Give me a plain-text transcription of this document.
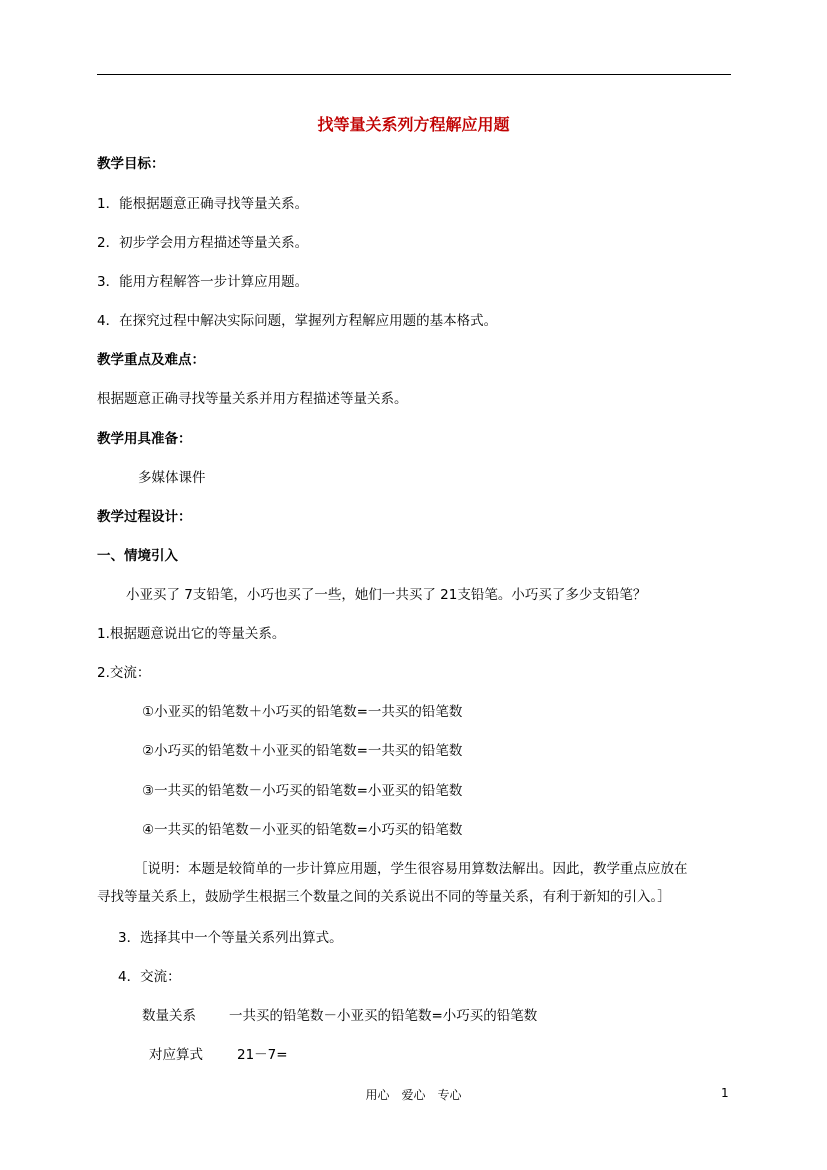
找等量关系列方程解应用题
教学目标：
1．能根据题意正确寻找等量关系。
2．初步学会用方程描述等量关系。
3．能用方程解答一步计算应用题。
4．在探究过程中解决实际问题，掌握列方程解应用题的基本格式。
教学重点及难点：
根据题意正确寻找等量关系并用方程描述等量关系。
教学用具准备：
多媒体课件
教学过程设计：
一、情境引入
小亚买了 7支铅笔，小巧也买了一些，她们一共买了 21支铅笔。小巧买了多少支铅笔？
1.根据题意说出它的等量关系。
2.交流：
①小亚买的铅笔数＋小巧买的铅笔数=一共买的铅笔数
②小巧买的铅笔数＋小亚买的铅笔数=一共买的铅笔数
③一共买的铅笔数－小巧买的铅笔数=小亚买的铅笔数
④一共买的铅笔数－小亚买的铅笔数=小巧买的铅笔数
［说明：本题是较简单的一步计算应用题，学生很容易用算数法解出。因此，教学重点应放在
寻找等量关系上，鼓励学生根据三个数量之间的关系说出不同的等量关系，有利于新知的引入。］
3．选择其中一个等量关系列出算式。
4．交流：
数量关系 一共买的铅笔数－小亚买的铅笔数=小巧买的铅笔数
对应算式	21－7=
用心　爱心　专心	1
